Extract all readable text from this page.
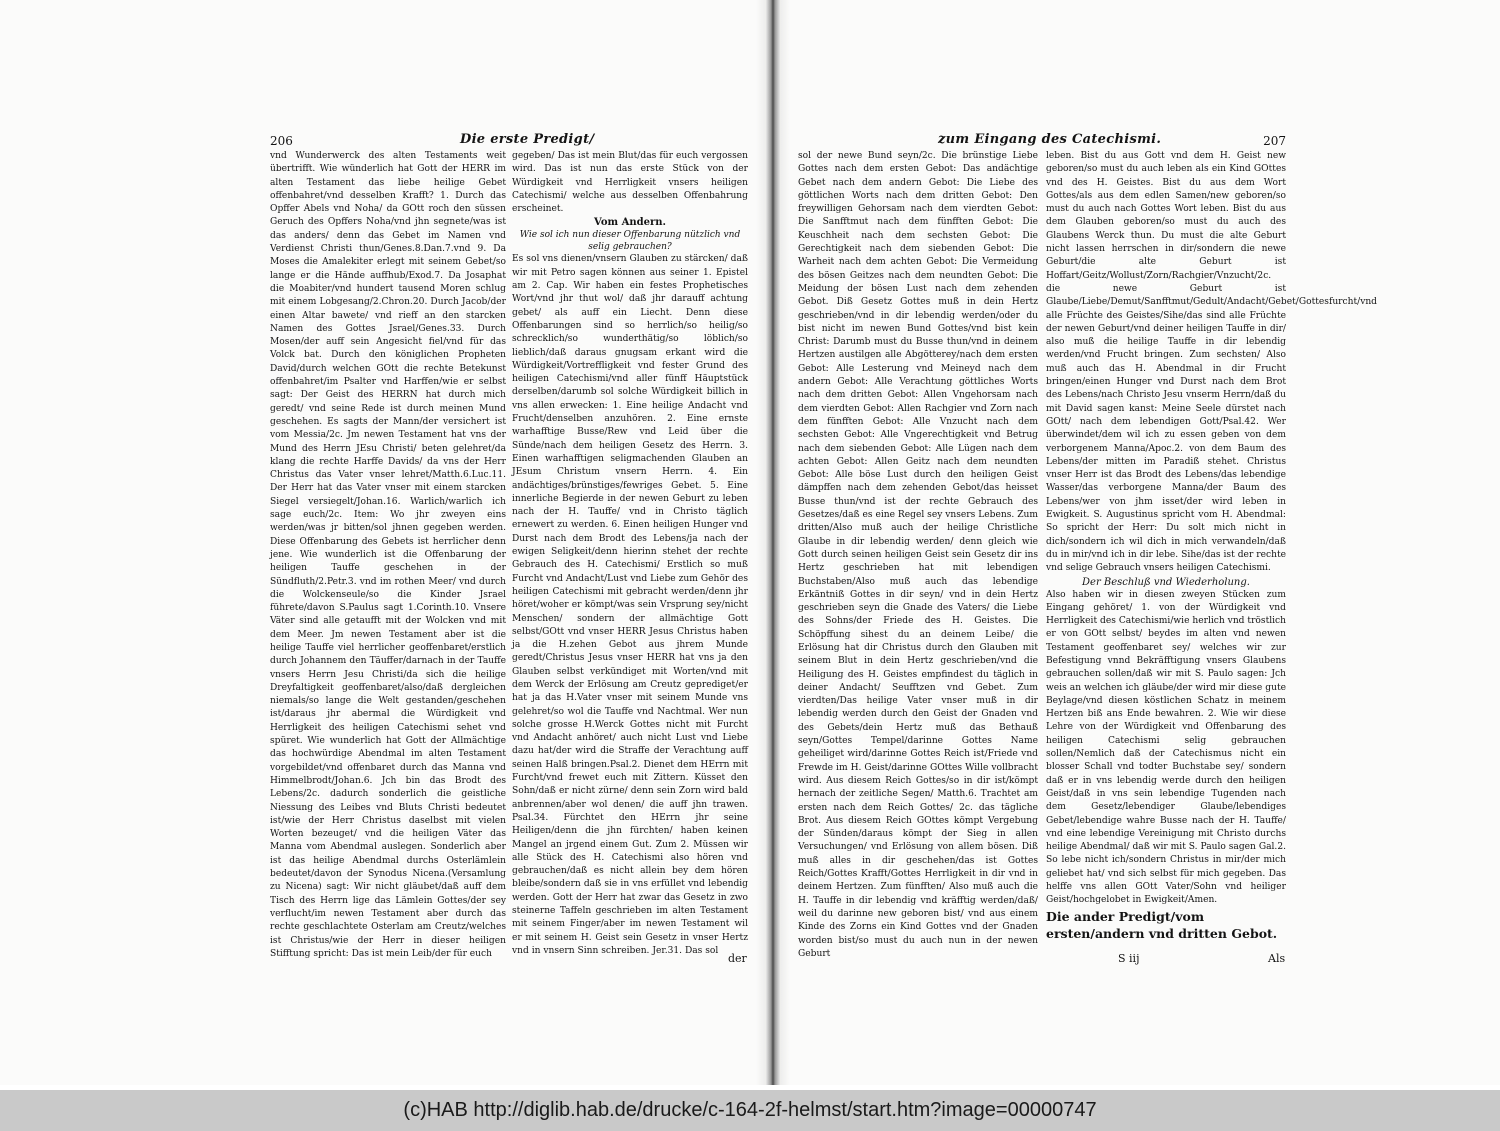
206	Die erste Predigt/

vnd Wunderwerck des alten Testaments weit übertrifft. Wie wünderlich hat Gott der HERR im alten Testament das liebe heilige Gebet offenbahret/vnd desselben Krafft? 1. Durch das Opffer Abels vnd Noha/ da GOtt roch den süssen Geruch des Opffers Noha/vnd jhn segnete/was ist das anders/ denn das Gebet im Namen vnd Verdienst Christi thun/Genes.8.Dan.7.vnd 9. Da Moses die Amalekiter erlegt mit seinem Gebet/so lange er die Hände auffhub/Exod.7. Da Josaphat die Moabiter/vnd hundert tausend Moren schlug mit einem Lobgesang/2.Chron.20. Durch Jacob/der einen Altar bawete/ vnd rieff an den starcken Namen des Gottes Jsrael/Genes.33. Durch Mosen/der auff sein Angesicht fiel/vnd für das Volck bat. Durch den königlichen Propheten David/durch welchen GOtt die rechte Betekunst offenbahret/im Psalter vnd Harffen/wie er selbst sagt: Der Geist des HERRN hat durch mich geredt/ vnd seine Rede ist durch meinen Mund geschehen. Es sagts der Mann/der versichert ist vom Messia/2c. Jm newen Testament hat vns der Mund des Herrn JEsu Christi/ beten gelehret/da klang die rechte Harffe Davids/ da vns der Herr Christus das Vater vnser lehret/Matth.6.Luc.11. Der Herr hat das Vater vnser mit einem starcken Siegel versiegelt/Johan.16. Warlich/warlich ich sage euch/2c. Item: Wo jhr zweyen eins werden/was jr bitten/sol jhnen gegeben werden. Diese Offenbarung des Gebets ist herrlicher denn jene. Wie wunderlich ist die Offenbarung der heiligen Tauffe geschehen in der Sündfluth/2.Petr.3. vnd im rothen Meer/ vnd durch die Wolckenseule/so die Kinder Jsrael führete/davon S.Paulus sagt 1.Corinth.10. Vnsere Väter sind alle getaufft mit der Wolcken vnd mit dem Meer. Jm newen Testament aber ist die heilige Tauffe viel herrlicher geoffenbaret/erstlich durch Johannem den Täuffer/darnach in der Tauffe vnsers Herrn Jesu Christi/da sich die heilige Dreyfaltigkeit geoffenbaret/also/daß dergleichen niemals/so lange die Welt gestanden/geschehen ist/daraus jhr abermal die Würdigkeit vnd Herrligkeit des heiligen Catechismi sehet vnd spüret. Wie wunderlich hat Gott der Allmächtige das hochwürdige Abendmal im alten Testament vorgebildet/vnd offenbaret durch das Manna vnd Himmelbrodt/Johan.6. Jch bin das Brodt des Lebens/2c. dadurch sonderlich die geistliche Niessung des Leibes vnd Bluts Christi bedeutet ist/wie der Herr Christus daselbst mit vielen Worten bezeuget/ vnd die heiligen Väter das Manna vom Abendmal auslegen. Sonderlich aber ist das heilige Abendmal durchs Osterlämlein bedeutet/davon der Synodus Nicena.(Versamlung zu Nicena) sagt: Wir nicht gläubet/daß auff dem Tisch des Herrn lige das Lämlein Gottes/der sey verflucht/im newen Testament aber durch das rechte geschlachtete Osterlam am Creutz/welches ist Christus/wie der Herr in dieser heiligen Stifftung spricht: Das ist mein Leib/der für euch

gegeben/ Das ist mein Blut/das für euch vergossen wird. Das ist nun das erste Stück von der Würdigkeit vnd Herrligkeit vnsers heiligen Catechismi/ welche aus desselben Offenbahrung erscheinet.

Vom Andern.
Wie sol ich nun dieser Offenbarung nützlich vnd selig gebrauchen?

Es sol vns dienen/vnsern Glauben zu stärcken/ daß wir mit Petro sagen können aus seiner 1. Epistel am 2. Cap. Wir haben ein festes Prophetisches Wort/vnd jhr thut wol/ daß jhr darauff achtung gebet/ als auff ein Liecht. Denn diese Offenbarungen sind so herrlich/so heilig/so schrecklich/so wunderthätig/so löblich/so lieblich/daß daraus gnugsam erkant wird die Würdigkeit/Vortreffligkeit vnd fester Grund des heiligen Catechismi/vnd aller fünff Häuptstück derselben/darumb sol solche Würdigkeit billich in vns allen erwecken: 1. Eine heilige Andacht vnd Frucht/denselben anzuhören. 2. Eine ernste warhafftige Busse/Rew vnd Leid über die Sünde/nach dem heiligen Gesetz des Herrn. 3. Einen warhafftigen seligmachenden Glauben an JEsum Christum vnsern Herrn. 4. Ein andächtiges/brünstiges/fewriges Gebet. 5. Eine innerliche Begierde in der newen Geburt zu leben nach der H. Tauffe/ vnd in Christo täglich ernewert zu werden. 6. Einen heiligen Hunger vnd Durst nach dem Brodt des Lebens/ja nach der ewigen Seligkeit/denn hierinn stehet der rechte Gebrauch des H. Catechismi/ Erstlich so muß Furcht vnd Andacht/Lust vnd Liebe zum Gehör des heiligen Catechismi mit gebracht werden/denn jhr höret/woher er kömpt/was sein Vrsprung sey/nicht Menschen/ sondern der allmächtige Gott selbst/GOtt vnd vnser HERR Jesus Christus haben ja die H.zehen Gebot aus jhrem Munde geredt/Christus Jesus vnser HERR hat vns ja den Glauben selbst verkündiget mit Worten/vnd mit dem Werck der Erlösung am Creutz geprediget/er hat ja das H.Vater vnser mit seinem Munde vns gelehret/so wol die Tauffe vnd Nachtmal. Wer nun solche grosse H.Werck Gottes nicht mit Furcht vnd Andacht anhöret/ auch nicht Lust vnd Liebe dazu hat/der wird die Straffe der Verachtung auff seinen Halß bringen.Psal.2. Dienet dem HErrn mit Furcht/vnd frewet euch mit Zittern. Küsset den Sohn/daß er nicht zürne/ denn sein Zorn wird bald anbrennen/aber wol denen/ die auff jhn trawen. Psal.34. Fürchtet den HErrn jhr seine Heiligen/denn die jhn fürchten/ haben keinen Mangel an jrgend einem Gut. Zum 2. Müssen wir alle Stück des H. Catechismi also hören vnd gebrauchen/daß es nicht allein bey dem hören bleibe/sondern daß sie in vns erfüllet vnd lebendig werden. Gott der Herr hat zwar das Gesetz in zwo steinerne Taffeln geschrieben im alten Testament mit seinem Finger/aber im newen Testament wil er mit seinem H. Geist sein Gesetz in vnser Hertz vnd in vnsern Sinn schreiben. Jer.31. Das sol

der
zum Eingang des Catechismi.	207

sol der newe Bund seyn/2c. Die brünstige Liebe Gottes nach dem ersten Gebot: Das andächtige Gebet nach dem andern Gebot: Die Liebe des göttlichen Worts nach dem dritten Gebot: Den freywilligen Gehorsam nach dem vierdten Gebot: Die Sanfftmut nach dem fünfften Gebot: Die Keuschheit nach dem sechsten Gebot: Die Gerechtigkeit nach dem siebenden Gebot: Die Warheit nach dem achten Gebot: Die Vermeidung des bösen Geitzes nach dem neundten Gebot: Die Meidung der bösen Lust nach dem zehenden Gebot. Diß Gesetz Gottes muß in dein Hertz geschrieben/vnd in dir lebendig werden/oder du bist nicht im newen Bund Gottes/vnd bist kein Christ: Darumb must du Busse thun/vnd in deinem Hertzen austilgen alle Abgötterey/nach dem ersten Gebot: Alle Lesterung vnd Meineyd nach dem andern Gebot: Alle Verachtung göttliches Worts nach dem dritten Gebot: Allen Vngehorsam nach dem vierdten Gebot: Allen Rachgier vnd Zorn nach dem fünfften Gebot: Alle Vnzucht nach dem sechsten Gebot: Alle Vngerechtigkeit vnd Betrug nach dem siebenden Gebot: Alle Lügen nach dem achten Gebot: Allen Geitz nach dem neundten Gebot: Alle böse Lust durch den heiligen Geist dämpffen nach dem zehenden Gebot/das heisset Busse thun/vnd ist der rechte Gebrauch des Gesetzes/daß es eine Regel sey vnsers Lebens. Zum dritten/Also muß auch der heilige Christliche Glaube in dir lebendig werden/ denn gleich wie Gott durch seinen heiligen Geist sein Gesetz dir ins Hertz geschrieben hat mit lebendigen Buchstaben/Also muß auch das lebendige Erkäntniß Gottes in dir seyn/ vnd in dein Hertz geschrieben seyn die Gnade des Vaters/ die Liebe des Sohns/der Friede des H. Geistes. Die Schöpffung sihest du an deinem Leibe/ die Erlösung hat dir Christus durch den Glauben mit seinem Blut in dein Hertz geschrieben/vnd die Heiligung des H. Geistes empfindest du täglich in deiner Andacht/ Seufftzen vnd Gebet. Zum vierdten/Das heilige Vater vnser muß in dir lebendig werden durch den Geist der Gnaden vnd des Gebets/dein Hertz muß das Bethauß seyn/Gottes Tempel/darinne Gottes Name geheiliget wird/darinne Gottes Reich ist/Friede vnd Frewde im H. Geist/darinne GOttes Wille vollbracht wird. Aus diesem Reich Gottes/so in dir ist/kömpt hernach der zeitliche Segen/ Matth.6. Trachtet am ersten nach dem Reich Gottes/ 2c. das tägliche Brot. Aus diesem Reich GOttes kömpt Vergebung der Sünden/daraus kömpt der Sieg in allen Versuchungen/ vnd Erlösung von allem bösen. Diß muß alles in dir geschehen/das ist Gottes Reich/Gottes Krafft/Gottes Herrligkeit in dir vnd in deinem Hertzen. Zum fünfften/ Also muß auch die H. Tauffe in dir lebendig vnd kräfftig werden/daß/ weil du darinne new geboren bist/ vnd aus einem Kinde des Zorns ein Kind Gottes vnd der Gnaden worden bist/so must du auch nun in der newen Geburt

leben. Bist du aus Gott vnd dem H. Geist new geboren/so must du auch leben als ein Kind GOttes vnd des H. Geistes. Bist du aus dem Wort Gottes/als aus dem edlen Samen/new geboren/so must du auch nach Gottes Wort leben. Bist du aus dem Glauben geboren/so must du auch des Glaubens Werck thun. Du must die alte Geburt nicht lassen herrschen in dir/sondern die newe Geburt/die alte Geburt ist Hoffart/Geitz/Wollust/Zorn/Rachgier/Vnzucht/2c. die newe Geburt ist Glaube/Liebe/Demut/Sanfftmut/Gedult/Andacht/Gebet/Gottesfurcht/vnd alle Früchte des Geistes/Sihe/das sind alle Früchte der newen Geburt/vnd deiner heiligen Tauffe in dir/ also muß die heilige Tauffe in dir lebendig werden/vnd Frucht bringen. Zum sechsten/ Also muß auch das H. Abendmal in dir Frucht bringen/einen Hunger vnd Durst nach dem Brot des Lebens/nach Christo Jesu vnserm Herrn/daß du mit David sagen kanst: Meine Seele dürstet nach GOtt/ nach dem lebendigen Gott/Psal.42. Wer überwindet/dem wil ich zu essen geben von dem verborgenem Manna/Apoc.2. von dem Baum des Lebens/der mitten im Paradiß stehet. Christus vnser Herr ist das Brodt des Lebens/das lebendige Wasser/das verborgene Manna/der Baum des Lebens/wer von jhm isset/der wird leben in Ewigkeit. S. Augustinus spricht vom H. Abendmal: So spricht der Herr: Du solt mich nicht in dich/sondern ich wil dich in mich verwandeln/daß du in mir/vnd ich in dir lebe. Sihe/das ist der rechte vnd selige Gebrauch vnsers heiligen Catechismi.

Der Beschluß vnd Wiederholung.

Also haben wir in diesen zweyen Stücken zum Eingang gehöret/ 1. von der Würdigkeit vnd Herrligkeit des Catechismi/wie herlich vnd tröstlich er von GOtt selbst/ beydes im alten vnd newen Testament geoffenbaret sey/ welches wir zur Befestigung vnnd Bekräfftigung vnsers Glaubens gebrauchen sollen/daß wir mit S. Paulo sagen: Jch weis an welchen ich gläube/der wird mir diese gute Beylage/vnd diesen köstlichen Schatz in meinem Hertzen biß ans Ende bewahren. 2. Wie wir diese Lehre von der Würdigkeit vnd Offenbarung des heiligen Catechismi selig gebrauchen sollen/Nemlich daß der Catechismus nicht ein blosser Schall vnd todter Buchstabe sey/ sondern daß er in vns lebendig werde durch den heiligen Geist/daß in vns sein lebendige Tugenden nach dem Gesetz/lebendiger Glaube/lebendiges Gebet/lebendige wahre Busse nach der H. Tauffe/ vnd eine lebendige Vereinigung mit Christo durchs heilige Abendmal/ daß wir mit S. Paulo sagen Gal.2. So lebe nicht ich/sondern Christus in mir/der mich geliebet hat/ vnd sich selbst für mich gegeben. Das helffe vns allen GOtt Vater/Sohn vnd heiliger Geist/hochgelobet in Ewigkeit/Amen.

Die ander Predigt/vom ersten/andern vnd dritten Gebot.
S iij	Als
(c)HAB http://diglib.hab.de/drucke/c-164-2f-helmst/start.htm?image=00000747
